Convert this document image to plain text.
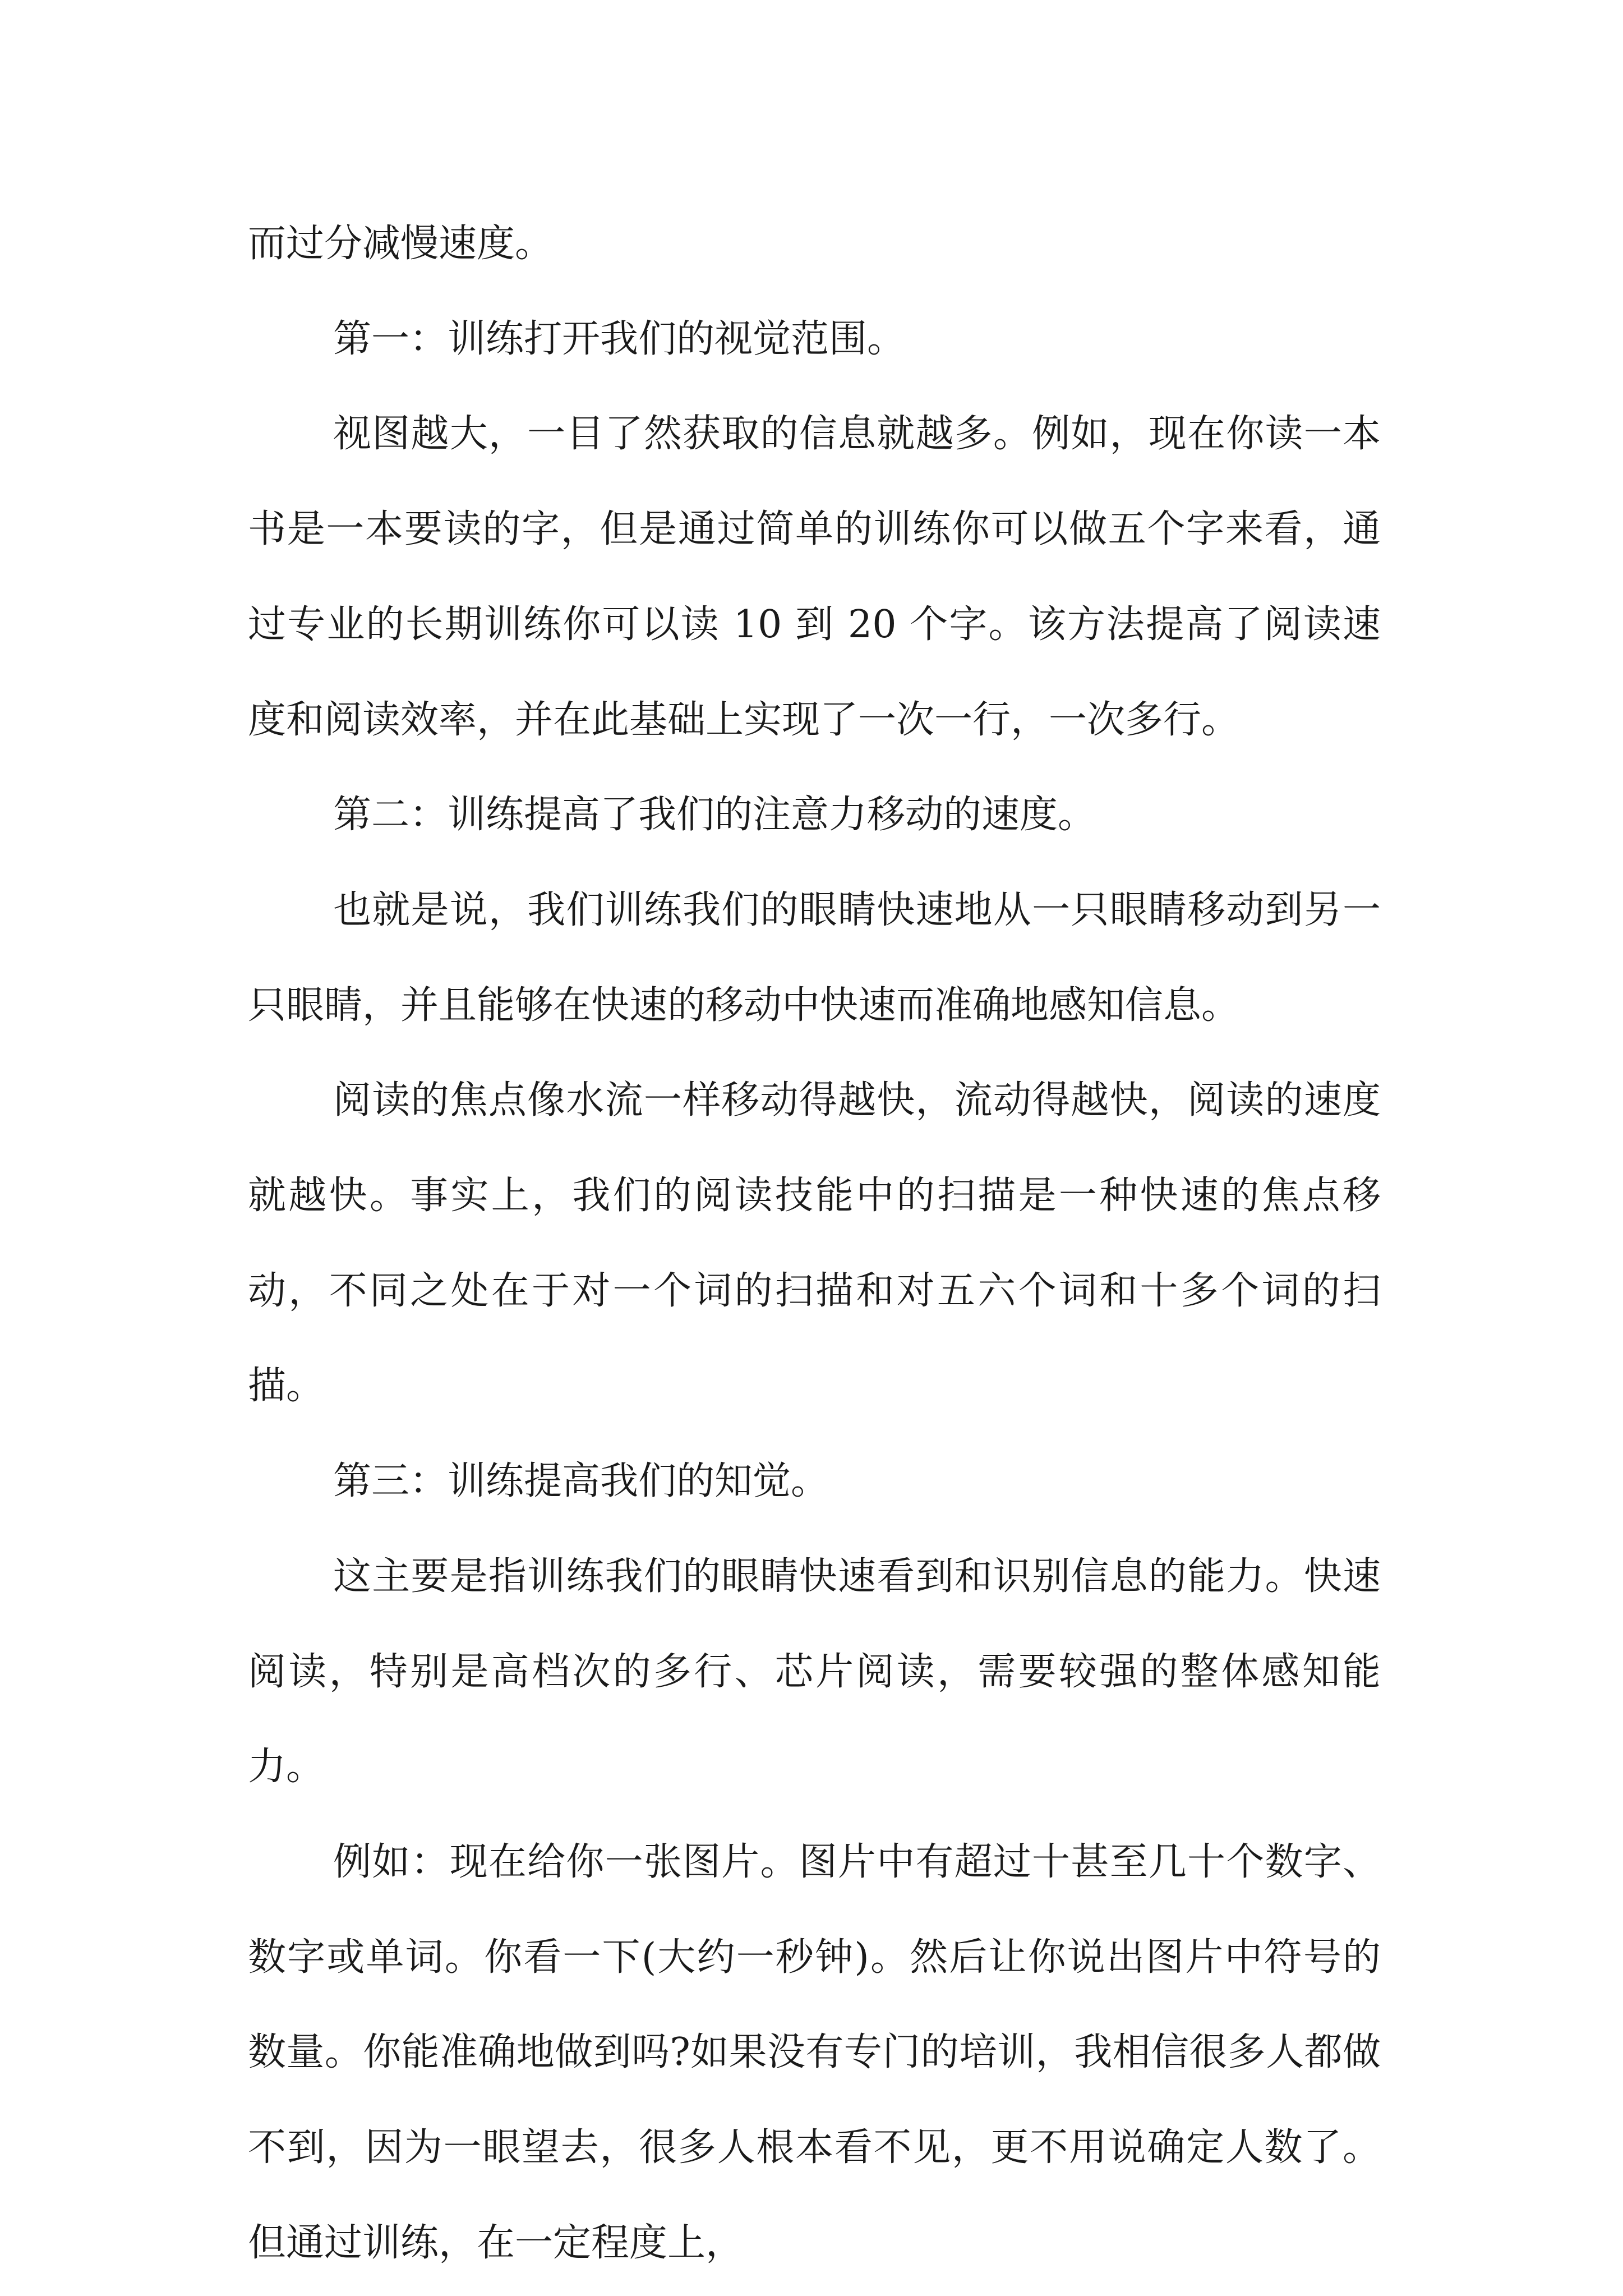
而过分减慢速度。

第一：训练打开我们的视觉范围。

视图越大，一目了然获取的信息就越多。例如，现在你读一本书是一本要读的字，但是通过简单的训练你可以做五个字来看，通过专业的长期训练你可以读 10 到 20 个字。该方法提高了阅读速度和阅读效率，并在此基础上实现了一次一行，一次多行。

第二：训练提高了我们的注意力移动的速度。

也就是说，我们训练我们的眼睛快速地从一只眼睛移动到另一只眼睛，并且能够在快速的移动中快速而准确地感知信息。

阅读的焦点像水流一样移动得越快，流动得越快，阅读的速度就越快。事实上，我们的阅读技能中的扫描是一种快速的焦点移动，不同之处在于对一个词的扫描和对五六个词和十多个词的扫描。

第三：训练提高我们的知觉。

这主要是指训练我们的眼睛快速看到和识别信息的能力。快速阅读，特别是高档次的多行、芯片阅读，需要较强的整体感知能力。

例如：现在给你一张图片。图片中有超过十甚至几十个数字、数字或单词。你看一下(大约一秒钟)。然后让你说出图片中符号的数量。你能准确地做到吗?如果没有专门的培训，我相信很多人都做不到，因为一眼望去，很多人根本看不见，更不用说确定人数了。但通过训练，在一定程度上，
